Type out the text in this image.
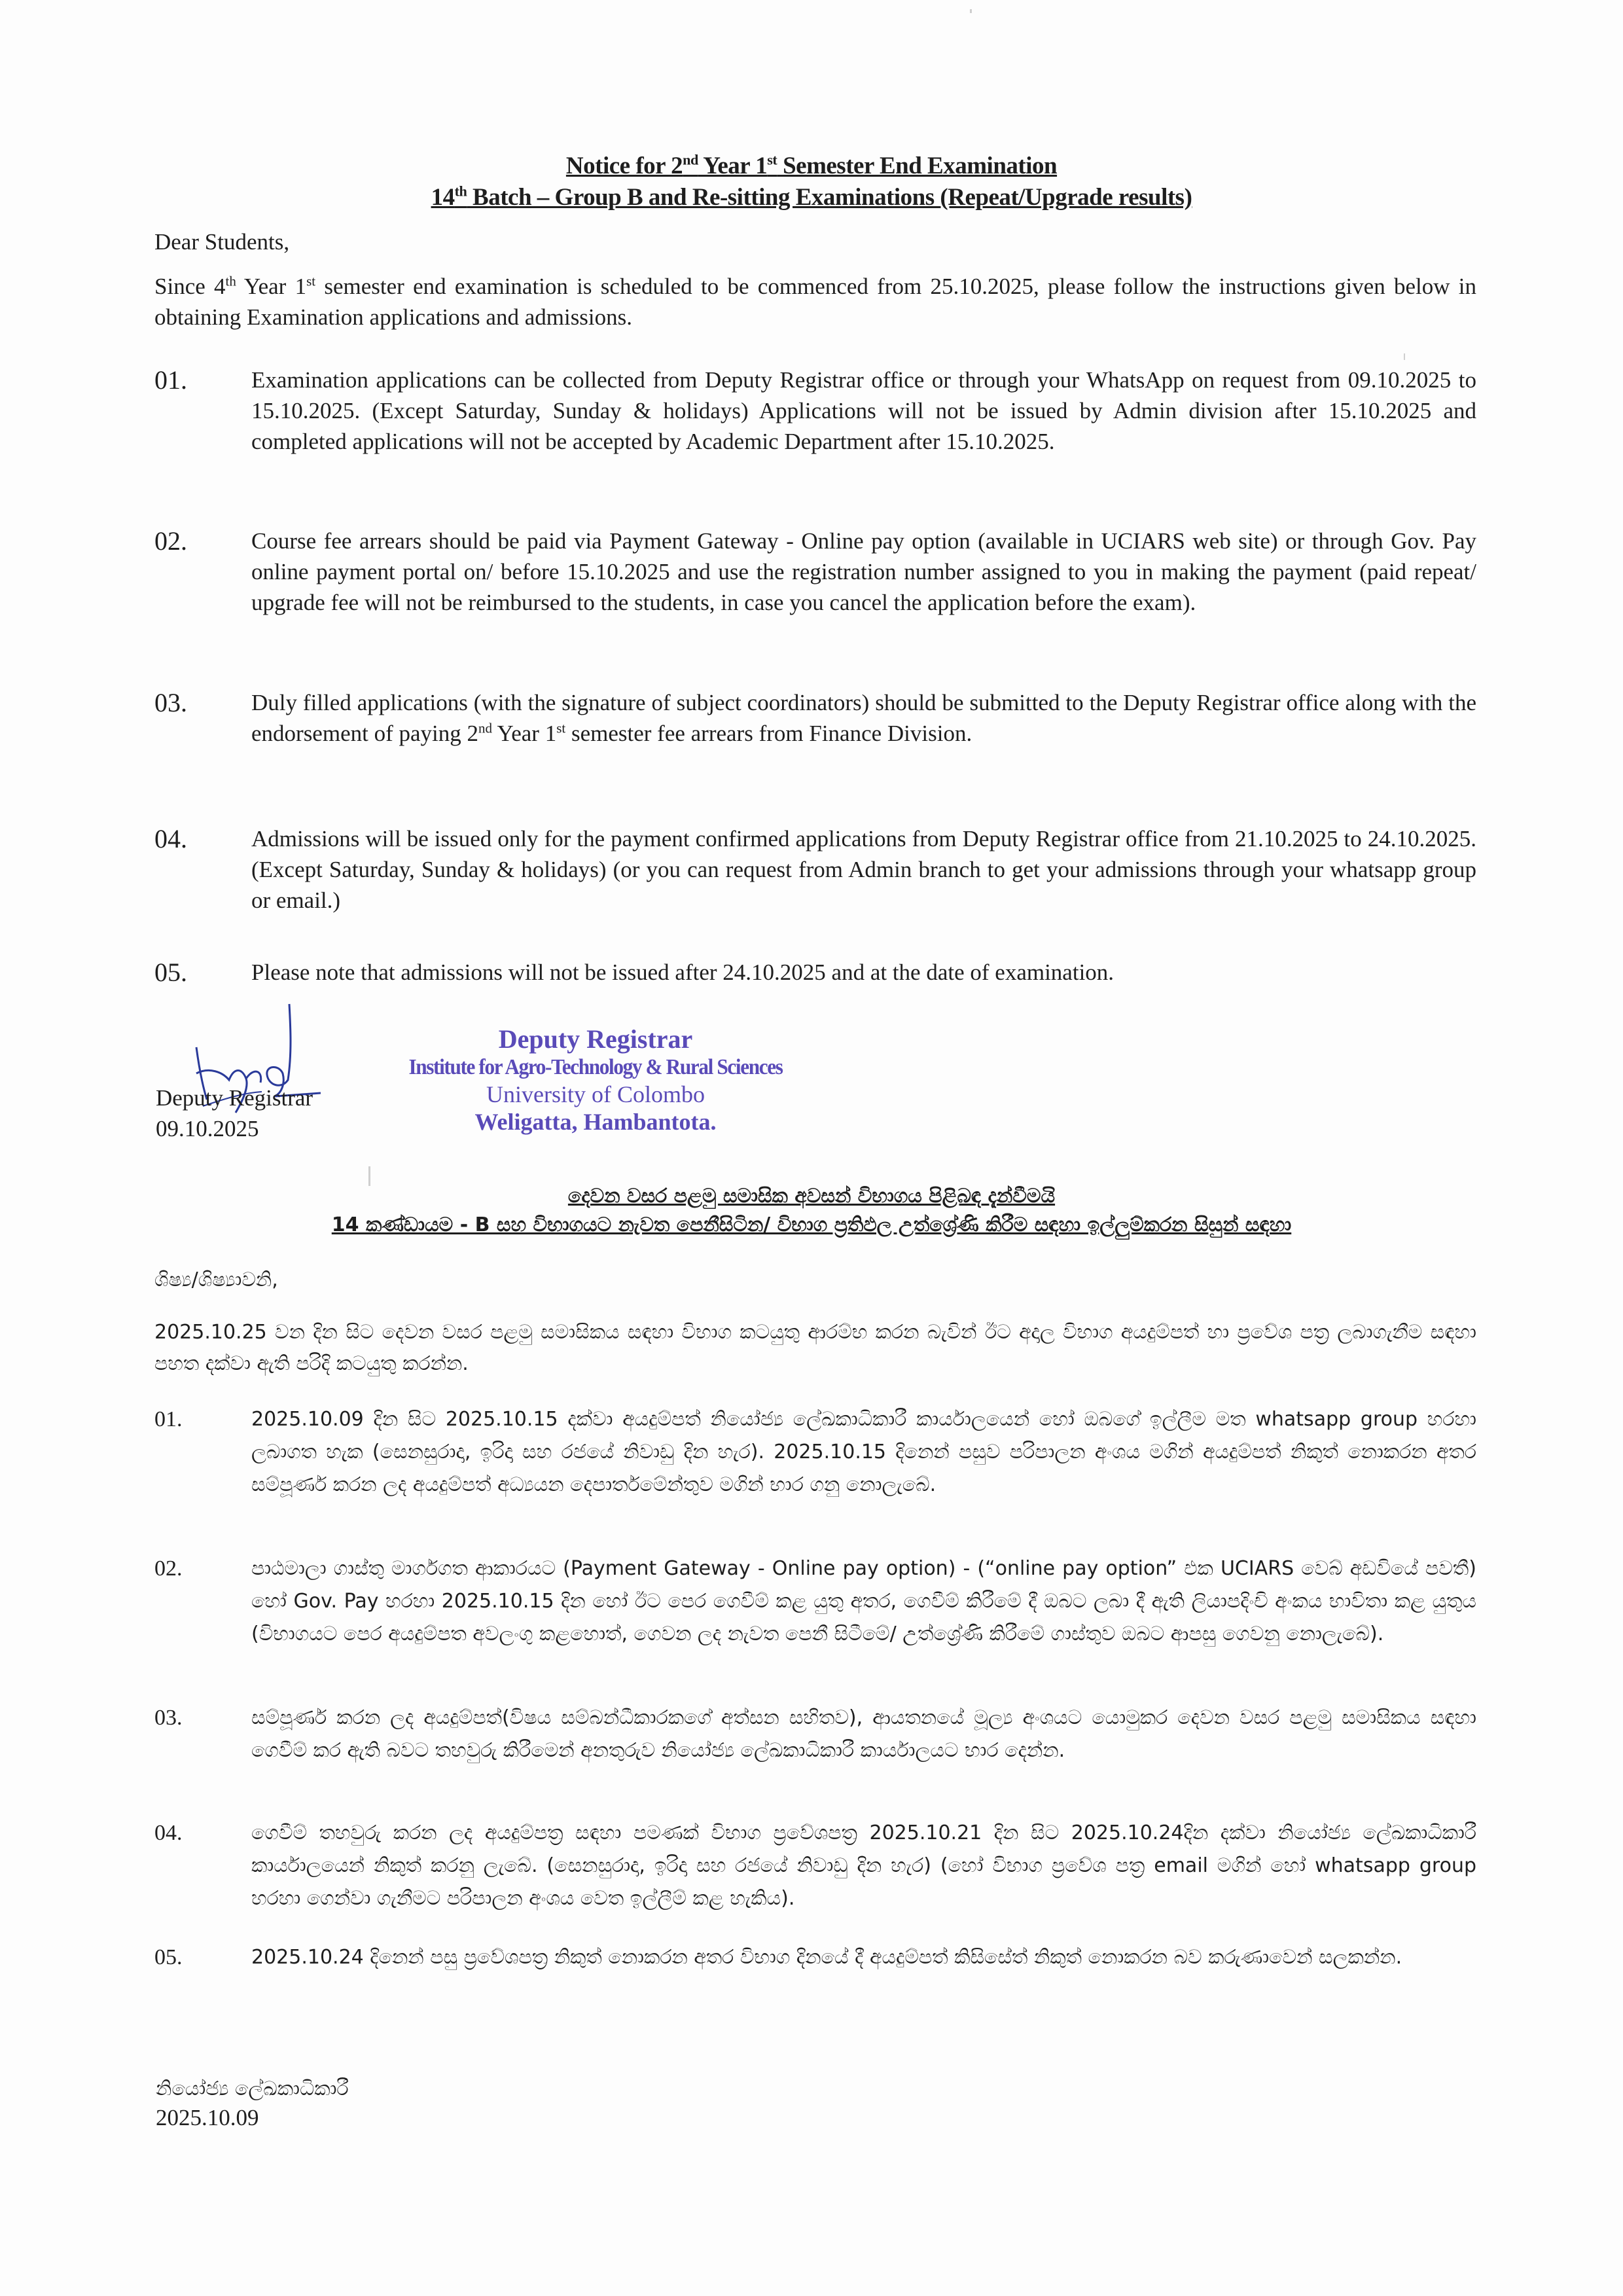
Notice for 2nd Year 1st Semester End Examination
14th Batch – Group B and Re-sitting Examinations (Repeat/Upgrade results)
Dear Students,
Since 4th Year 1st semester end examination is scheduled to be commenced from 25.10.2025, please follow the instructions given below in obtaining Examination applications and admissions.
01.	Examination applications can be collected from Deputy Registrar office or through your WhatsApp on request from 09.10.2025 to 15.10.2025. (Except Saturday, Sunday & holidays) Applications will not be issued by Admin division after 15.10.2025 and completed applications will not be accepted by Academic Department after 15.10.2025.
02.	Course fee arrears should be paid via Payment Gateway - Online pay option (available in UCIARS web site) or through Gov. Pay online payment portal on/ before 15.10.2025 and use the registration number assigned to you in making the payment (paid repeat/ upgrade fee will not be reimbursed to the students, in case you cancel the application before the exam).
03.	Duly filled applications (with the signature of subject coordinators) should be submitted to the Deputy Registrar office along with the endorsement of paying 2nd Year 1st semester fee arrears from Finance Division.
04.	Admissions will be issued only for the payment confirmed applications from Deputy Registrar office from 21.10.2025 to 24.10.2025. (Except Saturday, Sunday & holidays) (or you can request from Admin branch to get your admissions through your whatsapp group or email.)
05.	Please note that admissions will not be issued after 24.10.2025 and at the date of examination.
Deputy Registrar
09.10.2025
Deputy Registrar
Institute for Agro-Technology & Rural Sciences
University of Colombo
Weligatta, Hambantota.
දෙවන වසර පළමු සමාසික අවසන් විභාගය පිළිබඳ දැන්වීමයි
14 කණ්ඩායම - B සහ විභාගයට නැවත පෙනීසිටින/ විභාග ප්‍රතිඵල උත්ශ්‍රේණි කිරීම සඳහා ඉල්ලුම්කරන සිසුන් සඳහා
ශිෂ්‍ය/ශිෂ්‍යාවනි,
2025.10.25 වන දින සිට දෙවන වසර පළමු සමාසිකය සඳහා විභාග කටයුතු ආරම්භ කරන බැවින් ඊට අදාල විභාග අයදුම්පත් හා ප්‍රවේශ පත්‍ර ලබාගැනීම සඳහා පහත දක්වා ඇති පරිදි කටයුතු කරන්න.
01.	2025.10.09 දින සිට 2025.10.15 දක්වා අයදුම්පත් නියෝජ්‍ය ලේඛකාධිකාරී කාර්යාලයෙන් හෝ ඔබගේ ඉල්ලීම මත whatsapp group හරහා ලබාගත හැක (සෙනසුරාදා, ඉරිදා සහ රජයේ නිවාඩු දින හැර). 2025.10.15 දිනෙන් පසුව පරිපාලන අංශය මගින් අයදුම්පත් නිකුත් නොකරන අතර සම්පූර්ණ කරන ලද අයදුම්පත් අධ්‍යයන දෙපාර්තමේන්තුව මගින් භාර ගනු නොලැබේ.
02.	පාඨමාලා ගාස්තු මාර්ගගත ආකාරයට (Payment Gateway - Online pay option) - (“online pay option” එක UCIARS වෙබ් අඩවියේ පවතී) හෝ Gov. Pay හරහා 2025.10.15 දින හෝ ඊට පෙර ගෙවීම් කළ යුතු අතර, ගෙවීම් කිරීමේ දී ඔබට ලබා දී ඇති ලියාපදිංචි අංකය භාවිතා කළ යුතුය (විභාගයට පෙර අයදුම්පත අවලංගු කළහොත්, ගෙවන ලද නැවත පෙනී සිටීමේ/ උත්ශ්‍රේණි කිරීමේ ගාස්තුව ඔබට ආපසු ගෙවනු නොලැබේ).
03.	සම්පූර්ණ කරන ලද අයදුම්පත්(විෂය සම්බන්ධීකාරකගේ අත්සන සහිතව), ආයතනයේ මූල්‍ය අංශයට යොමුකර දෙවන වසර පළමු සමාසිකය සඳහා ගෙවීම් කර ඇති බවට තහවුරු කිරීමෙන් අනතුරුව නියෝජ්‍ය ලේඛකාධිකාරී කාර්යාලයට භාර දෙන්න.
04.	ගෙවීම් තහවුරු කරන ලද අයදුම්පත්‍ර සඳහා පමණක් විභාග ප්‍රවේශපත්‍ර 2025.10.21 දින සිට 2025.10.24දින දක්වා නියෝජ්‍ය ලේඛකාධිකාරී කාර්යාලයෙන් නිකුත් කරනු ලැබේ. (සෙනසුරාදා, ඉරිදා සහ රජයේ නිවාඩු දින හැර) (හෝ විභාග ප්‍රවේශ පත්‍ර email මගින් හෝ whatsapp group හරහා ගෙන්වා ගැනීමට පරිපාලන අංශය වෙත ඉල්ලීම් කළ හැකිය).
05.	2025.10.24 දිනෙන් පසු ප්‍රවේශපත්‍ර නිකුත් නොකරන අතර විභාග දිනයේ දී අයදුම්පත් කිසිසේත් නිකුත් නොකරන බව කරුණාවෙන් සලකන්න.
නියෝජ්‍ය ලේඛකාධිකාරී
2025.10.09
